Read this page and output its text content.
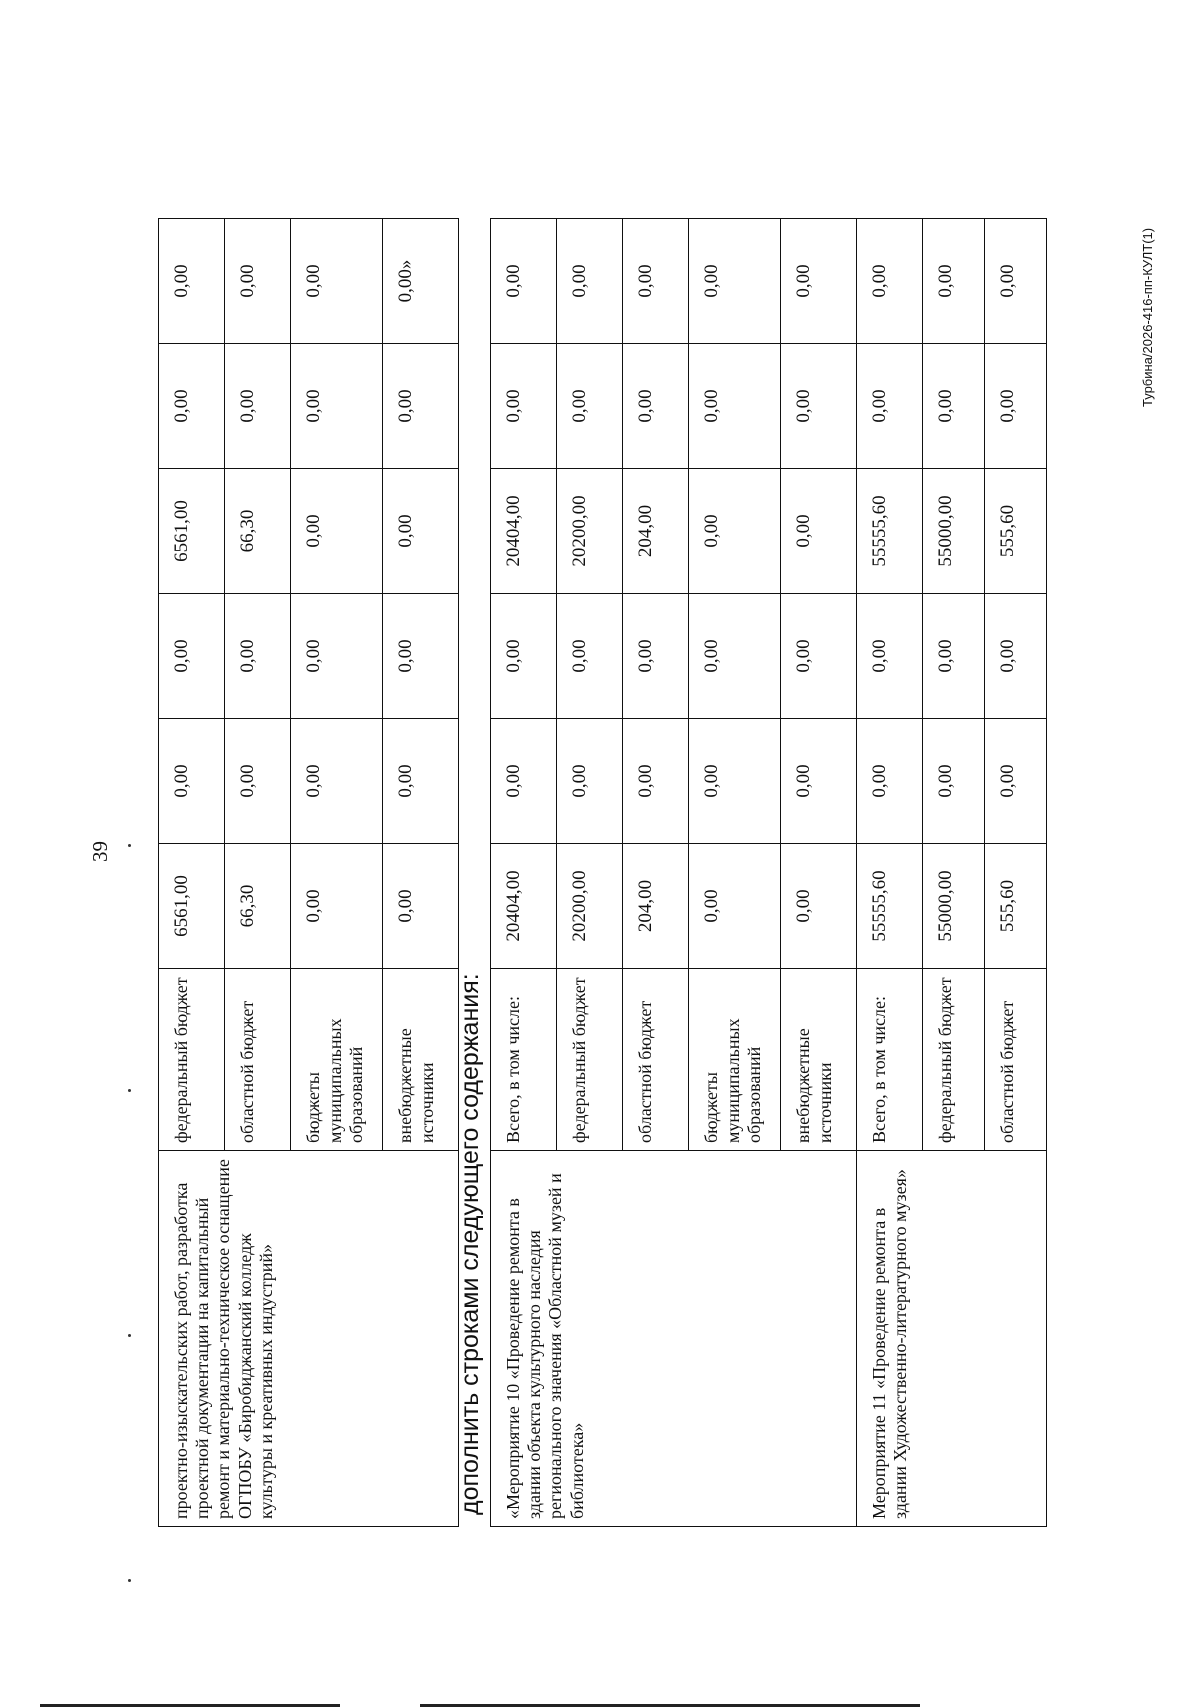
39
проектно-изыскательских работ, разработка проектной документации на капитальный ремонт и материально-техническое оснащение ОГПОБУ «Биробиджанский колледж культуры и креативных индустрий»	федеральный бюджет	6561,00	0,00	0,00	6561,00	0,00	0,00
	областной бюджет	66,30	0,00	0,00	66,30	0,00	0,00
	бюджеты муниципальных образований	0,00	0,00	0,00	0,00	0,00	0,00
	внебюджетные источники	0,00	0,00	0,00	0,00	0,00	0,00»
дополнить строками следующего содержания: «Мероприятие 10 «Проведение ремонта в здании объекта культурного наследия регионального значения «Областной музей и библиотека»	Всего, в том числе:	20404,00	0,00	0,00	20404,00	0,00	0,00
	федеральный бюджет	20200,00	0,00	0,00	20200,00	0,00	0,00
	областной бюджет	204,00	0,00	0,00	204,00	0,00	0,00
	бюджеты муниципальных образований	0,00	0,00	0,00	0,00	0,00	0,00
	внебюджетные источники	0,00	0,00	0,00	0,00	0,00	0,00
Мероприятие 11 «Проведение ремонта в здании Художественно-литературного музея»	Всего, в том числе:	55555,60	0,00	0,00	55555,60	0,00	0,00
	федеральный бюджет	55000,00	0,00	0,00	55000,00	0,00	0,00
	областной бюджет	555,60	0,00	0,00	555,60	0,00	0,00	Турбина/2026-416-пп-КУЛТ(1)
